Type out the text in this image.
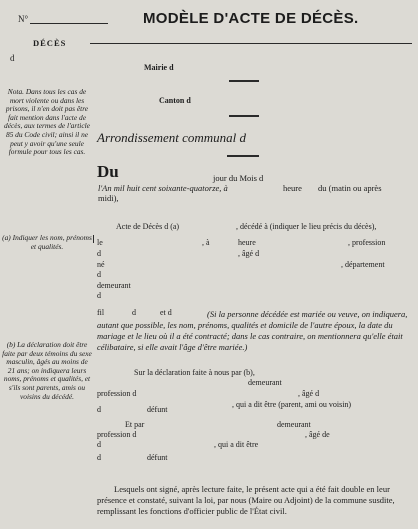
N°	MODÈLE D'ACTE DE DÉCÈS.
DÉCÈS
d
Mairie d
Canton d
Arrondissement communal d
Nota. Dans tous les cas de mort violente ou dans les prisons, il n'en doit pas être fait mention dans l'acte de décès, aux termes de l'article 85 du Code civil; ainsi il ne peut y avoir qu'une seule formule pour tous les cas.
(a) Indiquer les nom, prénoms et qualités.
(b) La déclaration doit être faite par deux témoins du sexe masculin, âgés au moins de 21 ans; on indiquera leurs noms, prénoms et qualités, et s'ils sont parents, amis ou voisins du décédé.
Du	jour du Mois d
l'An mil huit cent soixante-quatorze, à	heure du (matin ou après
midi),
Acte de Décès d (a)	, décédé à (indiquer le lieu précis du décès),
le	, à	heure	, profession
d	, âgé d
né	, département
d
demeurant
d
fil	d	et d	(Si la personne décédée est mariée ou veuve, on indiquera, autant que possible, les nom, prénoms, qualités et domicile de l'autre époux, la date du mariage et le lieu où il a été contracté; dans le cas contraire, on mentionnera qu'elle était célibataire, si elle avait l'âge d'être mariée.)
Sur la déclaration faite à nous par (b),
demeurant
profession d	, âgé d
, qui a dit être (parent, ami ou voisin)
d	défunt
Et par	demeurant
profession d	, âgé de
d	, qui a dit être
d	défunt
Lesquels ont signé, après lecture faite, le présent acte qui a été fait double en leur présence et constaté, suivant la loi, par nous (Maire ou Adjoint) de la commune susdite, remplissant les fonctions d'officier public de l'État civil.
